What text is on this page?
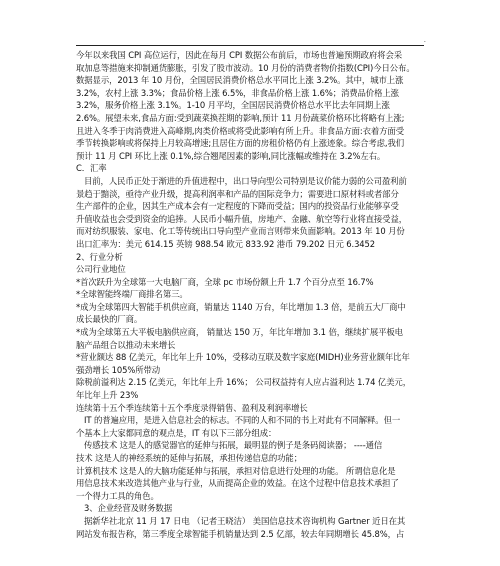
.
今年以来我国 CPI 高位运行，因此在每月 CPI 数据公布前后，市场也普遍预期政府将会采
取加息等措施来抑制通货膨胀，引发了股市波动。10 月份的消费者物价指数(CPI)今日公布。
数据显示，2013 年 10 月份，全国居民消费价格总水平同比上涨 3.2%。其中，城市上涨
3.2%，农村上涨 3.3%；食品价格上涨 6.5%，非食品价格上涨 1.6%；消费品价格上涨
3.2%，服务价格上涨 3.1%。1-10 月平均，全国居民消费价格总水平比去年同期上涨
2.6%。展望未来,食品方面:受到蔬菜换茬期的影响,预计 11 月份蔬菜价格环比将略有上涨;
且进入冬季于肉消费进入高峰期,肉类价格或将受此影响有所上升。非食品方面:衣着方面受
季节转换影响或将保持上月较高增速;且居住方面的房租价格仍有上涨迹象。综合考虑,我们
预计 11 月 CPI 环比上涨 0.1%,综合翘尾因素的影响,同比涨幅或维持在 3.2%左右。
C．汇率
目前，人民币正处于渐进的升值进程中，出口导向型公司特别是议价能力弱的公司盈利前
景趋于黯淡，亟待产业升级，提高利润率和产品的国际竞争力；需要进口原材料或者部分
生产部件的企业，因其生产成本会有一定程度的下降而受益；国内的投资品行业能够享受
升值收益也会受到资金的追捧。人民币小幅升值，房地产、金融、航空等行业将直接受益，
而对纺织服装、家电、化工等传统出口导向型产业而言则带来负面影响。2013 年 10 月份
出口汇率为：美元 614.15 英镑 988.54 欧元 833.92 港币 79.202 日元 6.3452
2、行业分析
公司行业地位
*首次跃升为全球第一大电脑厂商，全球 pc 市场份额上升 1.7 个百分点至 16.7%
*全球智能终端厂商排名第三。
*成为全球第四大智能手机供应商，销量达 1140 万台，年比增加 1.3 倍，是前五大厂商中
成长最快的厂商。
*成为全球第五大平板电脑供应商， 销量达 150 万，年比年增加 3.1 倍，继续扩展平板电
脑产品组合以推动未来增长
*营业额达 88 亿美元，年比年上升 10%，受移动互联及数字家庭(MIDH)业务营业额年比年
强劲增长 105%所带动
除税前溢利达 2.15 亿美元，年比年上升 16%； 公司权益持有人应占溢利达 1.74 亿美元，
年比年上升 23%
连续第十五个季连续第十五个季度录得销售、盈利及利润率增长
IT 的普遍应用，是进入信息社会的标志。不同的人和不同的书上对此有不同解释。但一
个基本上大家都同意的观点是，IT 有以下三部分组成：
传感技术 这是人的感觉器官的延伸与拓展，最明显的例子是条码阅读器； ----通信
技术 这是人的神经系统的延伸与拓展，承担传递信息的功能；
计算机技术 这是人的大脑功能延伸与拓展，承担对信息进行处理的功能。 所谓信息化是
用信息技术来改造其他产业与行业，从而提高企业的效益。在这个过程中信息技术承担了
一个得力工具的角色。
3、企业经营及财务数据
据新华社北京 11 月 17 日电 （记者王晓洁） 美国信息技术咨询机构 Gartner 近日在其
网站发布报告称，第三季度全球智能手机销量达到 2.5 亿部，较去年同期增长 45.8%，占
